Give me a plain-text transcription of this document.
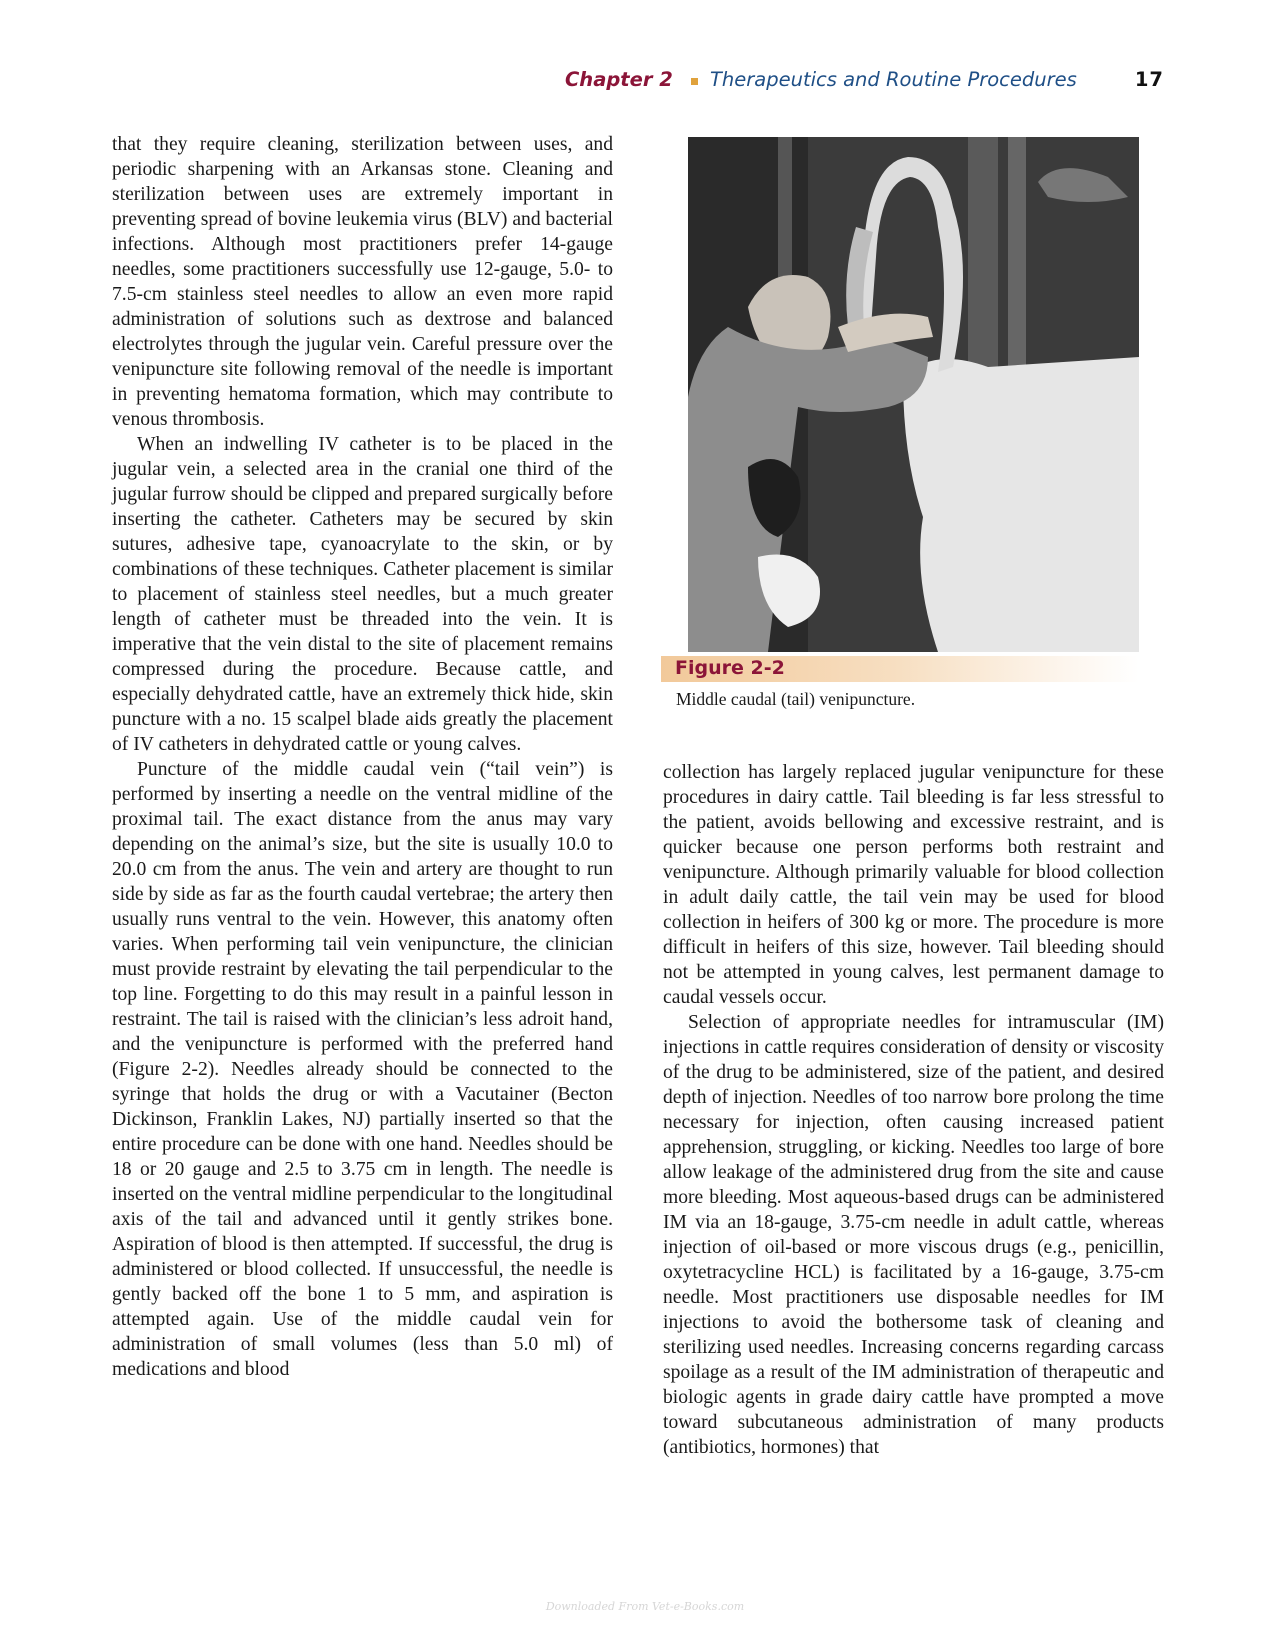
Chapter 2 Therapeutics and Routine Procedures	17

that they require cleaning, sterilization between uses, and periodic sharpening with an Arkansas stone. Cleaning and sterilization between uses are extremely important in preventing spread of bovine leukemia virus (BLV) and bacterial infections. Although most practitioners prefer 14-gauge needles, some practitioners successfully use 12-gauge, 5.0- to 7.5-cm stainless steel needles to allow an even more rapid administration of solutions such as dextrose and balanced electrolytes through the jugular vein. Careful pressure over the venipuncture site following removal of the needle is important in preventing hematoma formation, which may contribute to venous thrombosis.

When an indwelling IV catheter is to be placed in the jugular vein, a selected area in the cranial one third of the jugular furrow should be clipped and prepared surgically before inserting the catheter. Catheters may be secured by skin sutures, adhesive tape, cyanoacrylate to the skin, or by combinations of these techniques. Catheter placement is similar to placement of stainless steel needles, but a much greater length of catheter must be threaded into the vein. It is imperative that the vein distal to the site of placement remains compressed during the procedure. Because cattle, and especially dehydrated cattle, have an extremely thick hide, skin puncture with a no. 15 scalpel blade aids greatly the placement of IV catheters in dehydrated cattle or young calves.

Puncture of the middle caudal vein (“tail vein”) is performed by inserting a needle on the ventral midline of the proximal tail. The exact distance from the anus may vary depending on the animal’s size, but the site is usually 10.0 to 20.0 cm from the anus. The vein and artery are thought to run side by side as far as the fourth caudal vertebrae; the artery then usually runs ventral to the vein. However, this anatomy often varies. When performing tail vein venipuncture, the clinician must provide restraint by elevating the tail perpendicular to the top line. Forgetting to do this may result in a painful lesson in restraint. The tail is raised with the clinician’s less adroit hand, and the venipuncture is performed with the preferred hand (Figure 2-2). Needles already should be connected to the syringe that holds the drug or with a Vacutainer (Becton Dickinson, Franklin Lakes, NJ) partially inserted so that the entire procedure can be done with one hand. Needles should be 18 or 20 gauge and 2.5 to 3.75 cm in length. The needle is inserted on the ventral midline perpendicular to the longitudinal axis of the tail and advanced until it gently strikes bone. Aspiration of blood is then attempted. If successful, the drug is administered or blood collected. If unsuccessful, the needle is gently backed off the bone 1 to 5 mm, and aspiration is attempted again. Use of the middle caudal vein for administration of small volumes (less than 5.0 ml) of medications and blood

Figure 2-2
Middle caudal (tail) venipuncture.

collection has largely replaced jugular venipuncture for these procedures in dairy cattle. Tail bleeding is far less stressful to the patient, avoids bellowing and excessive restraint, and is quicker because one person performs both restraint and venipuncture. Although primarily valuable for blood collection in adult daily cattle, the tail vein may be used for blood collection in heifers of 300 kg or more. The procedure is more difficult in heifers of this size, however. Tail bleeding should not be attempted in young calves, lest permanent damage to caudal vessels occur.

Selection of appropriate needles for intramuscular (IM) injections in cattle requires consideration of density or viscosity of the drug to be administered, size of the patient, and desired depth of injection. Needles of too narrow bore prolong the time necessary for injection, often causing increased patient apprehension, struggling, or kicking. Needles too large of bore allow leakage of the administered drug from the site and cause more bleeding. Most aqueous-based drugs can be administered IM via an 18-gauge, 3.75-cm needle in adult cattle, whereas injection of oil-based or more viscous drugs (e.g., penicillin, oxytetracycline HCL) is facilitated by a 16-gauge, 3.75-cm needle. Most practitioners use disposable needles for IM injections to avoid the bothersome task of cleaning and sterilizing used needles. Increasing concerns regarding carcass spoilage as a result of the IM administration of therapeutic and biologic agents in grade dairy cattle have prompted a move toward subcutaneous administration of many products (antibiotics, hormones) that

Downloaded From Vet-e-Books.com
